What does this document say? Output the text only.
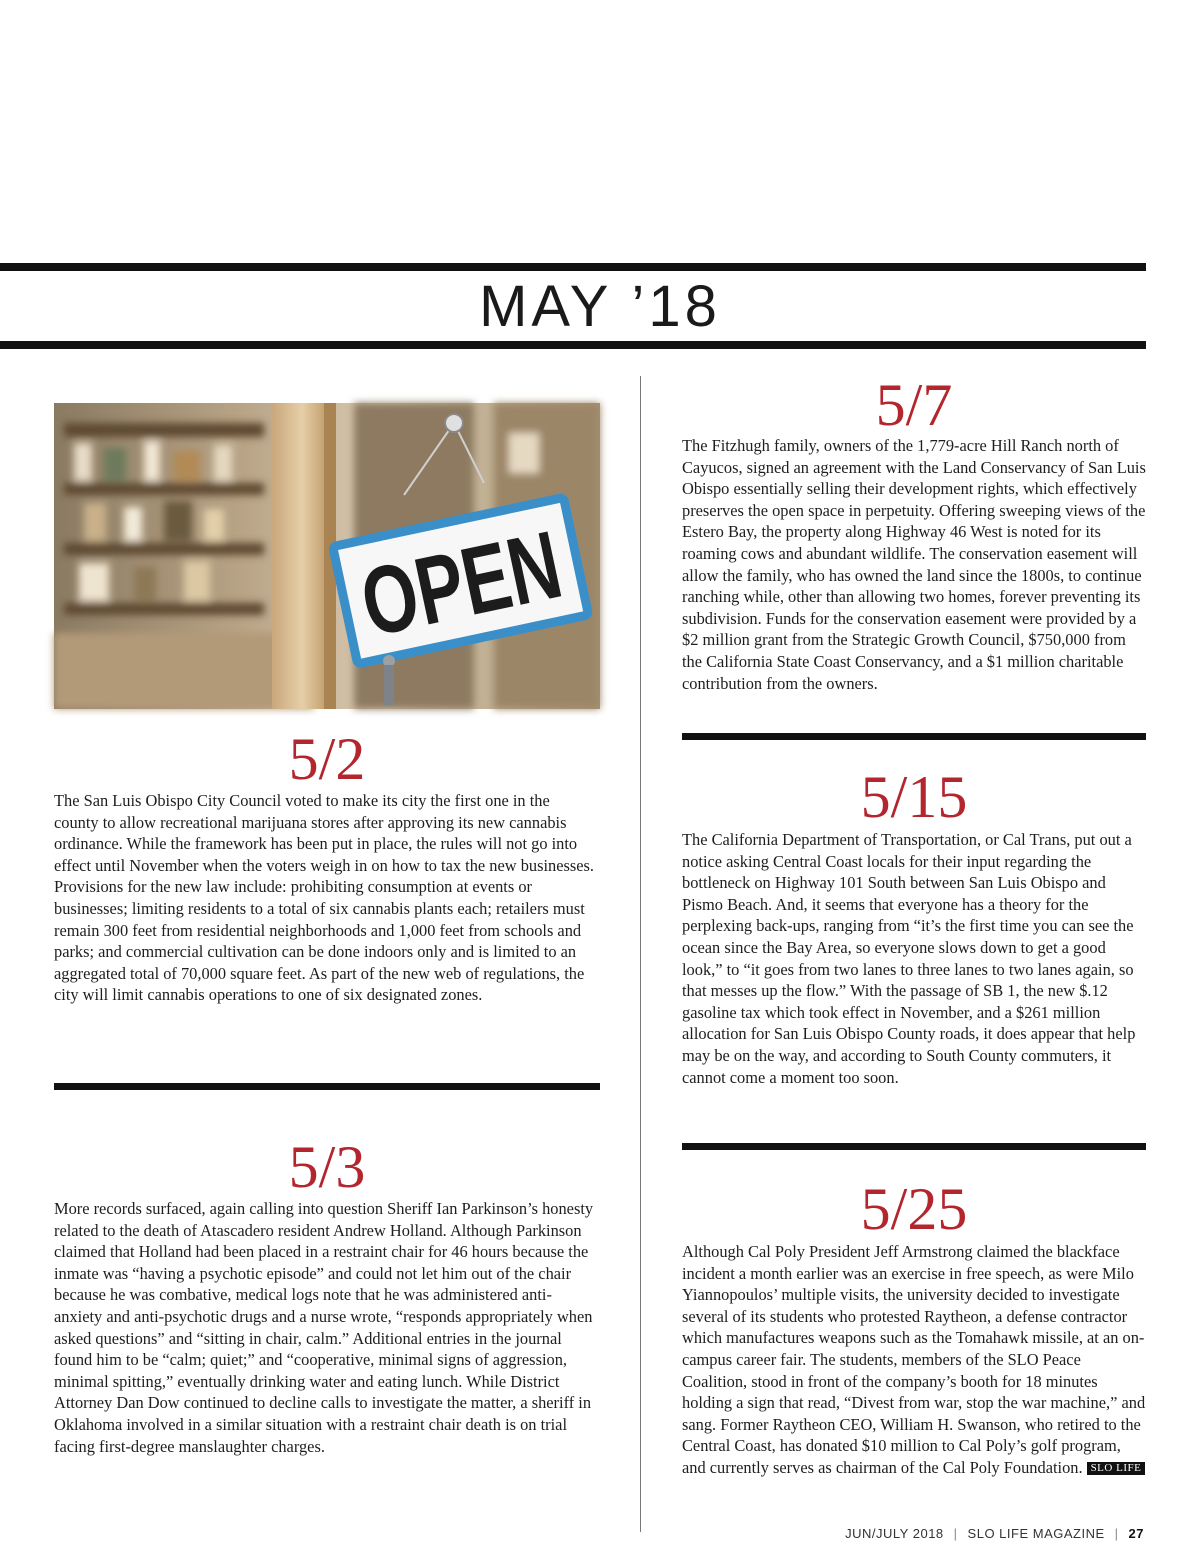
MAY ’18
OPEN
5/2

The San Luis Obispo City Council voted to make its city the first one in the county to allow recreational marijuana stores after approving its new cannabis ordinance. While the framework has been put in place, the rules will not go into effect until November when the voters weigh in on how to tax the new businesses. Provisions for the new law include: prohibiting consumption at events or businesses; limiting residents to a total of six cannabis plants each; retailers must remain 300 feet from residential neighborhoods and 1,000 feet from schools and parks; and commercial cultivation can be done indoors only and is limited to an aggregated total of 70,000 square feet. As part of the new web of regulations, the city will limit cannabis operations to one of six designated zones.

5/3

More records surfaced, again calling into question Sheriff Ian Parkinson’s honesty related to the death of Atascadero resident Andrew Holland. Although Parkinson claimed that Holland had been placed in a restraint chair for 46 hours because the inmate was “having a psychotic episode” and could not let him out of the chair because he was combative, medical logs note that he was administered anti-anxiety and anti-psychotic drugs and a nurse wrote, “responds appropriately when asked questions” and “sitting in chair, calm.” Additional entries in the journal found him to be “calm; quiet;” and “cooperative, minimal signs of aggression, minimal spitting,” eventually drinking water and eating lunch. While District Attorney Dan Dow continued to decline calls to investigate the matter, a sheriff in Oklahoma involved in a similar situation with a restraint chair death is on trial facing first-degree manslaughter charges.

5/7

The Fitzhugh family, owners of the 1,779-acre Hill Ranch north of Cayucos, signed an agreement with the Land Conservancy of San Luis Obispo essentially selling their development rights, which effectively preserves the open space in perpetuity. Offering sweeping views of the Estero Bay, the property along Highway 46 West is noted for its roaming cows and abundant wildlife. The conservation easement will allow the family, who has owned the land since the 1800s, to continue ranching while, other than allowing two homes, forever preventing its subdivision. Funds for the conservation easement were provided by a $2 million grant from the Strategic Growth Council, $750,000 from the California State Coast Conservancy, and a $1 million charitable contribution from the owners.

5/15

The California Department of Transportation, or Cal Trans, put out a notice asking Central Coast locals for their input regarding the bottleneck on Highway 101 South between San Luis Obispo and Pismo Beach. And, it seems that everyone has a theory for the perplexing back-ups, ranging from “it’s the first time you can see the ocean since the Bay Area, so everyone slows down to get a good look,” to “it goes from two lanes to three lanes to two lanes again, so that messes up the flow.” With the passage of SB 1, the new $.12 gasoline tax which took effect in November, and a $261 million allocation for San Luis Obispo County roads, it does appear that help may be on the way, and according to South County commuters, it cannot come a moment too soon.

5/25

Although Cal Poly President Jeff Armstrong claimed the blackface incident a month earlier was an exercise in free speech, as were Milo Yiannopoulos’ multiple visits, the university decided to investigate several of its students who protested Raytheon, a defense contractor which manufactures weapons such as the Tomahawk missile, at an on-campus career fair. The students, members of the SLO Peace Coalition, stood in front of the company’s booth for 18 minutes holding a sign that read, “Divest from war, stop the war machine,” and sang. Former Raytheon CEO, William H. Swanson, who retired to the Central Coast, has donated $10 million to Cal Poly’s golf program, and currently serves as chairman of the Cal Poly Foundation. SLO LIFE

JUN/JULY 2018 | SLO LIFE MAGAZINE | 27
